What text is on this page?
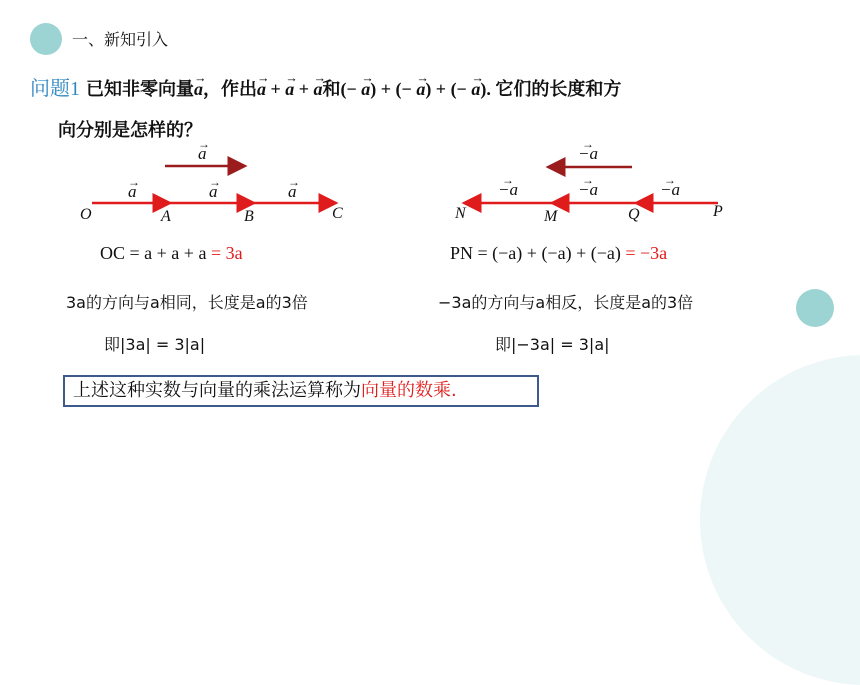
一、新知引入
问题1 已知非零向量→ a，作出→ a + → a + → a和(− → a) + (− → a) + (− → a). 它们的长度和方
向分别是怎样的？
→ a
→ a	→ a	→ a
O	A	B	C
→ −a
→ −a	→ −a	→ −a
N	M	Q	P
OC = a + a + a = 3a	PN = (−a) + (−a) + (−a) = −3a
3a的方向与a相同，长度是a的3倍	−3a的方向与a相反，长度是a的3倍
即|3a| = 3|a|	即|−3a| = 3|a|
上述这种实数与向量的乘法运算称为向量的数乘.
